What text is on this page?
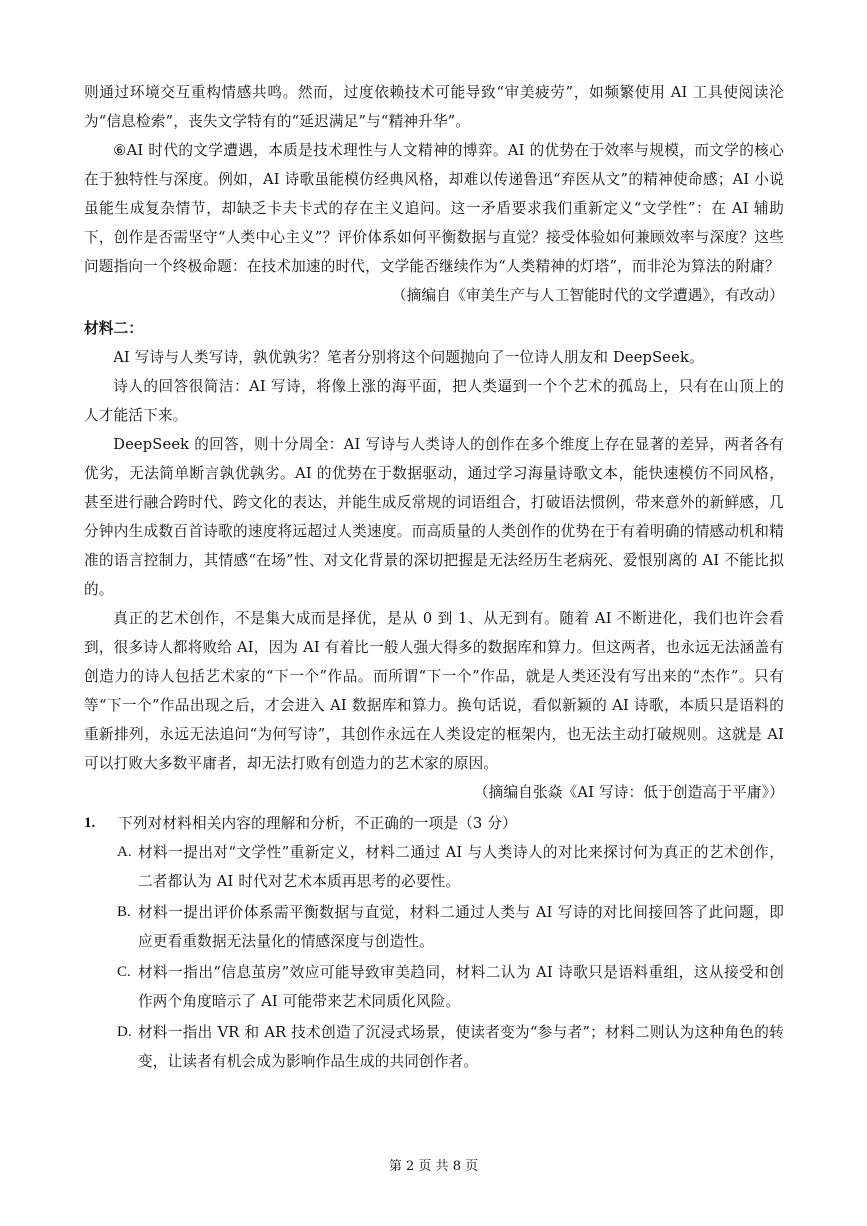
则通过环境交互重构情感共鸣。然而，过度依赖技术可能导致“审美疲劳”，如频繁使用 AI 工具使阅读沦为“信息检索”，丧失文学特有的“延迟满足”与“精神升华”。

⑥AI 时代的文学遭遇，本质是技术理性与人文精神的博弈。AI 的优势在于效率与规模，而文学的核心在于独特性与深度。例如，AI 诗歌虽能模仿经典风格，却难以传递鲁迅“弃医从文”的精神使命感；AI 小说虽能生成复杂情节，却缺乏卡夫卡式的存在主义追问。这一矛盾要求我们重新定义“文学性”：在 AI 辅助下，创作是否需坚守“人类中心主义”？评价体系如何平衡数据与直觉？接受体验如何兼顾效率与深度？这些问题指向一个终极命题：在技术加速的时代，文学能否继续作为“人类精神的灯塔”，而非沦为算法的附庸？

（摘编自《审美生产与人工智能时代的文学遭遇》，有改动）

材料二：

AI 写诗与人类写诗，孰优孰劣？笔者分别将这个问题抛向了一位诗人朋友和 DeepSeek。

诗人的回答很简洁：AI 写诗，将像上涨的海平面，把人类逼到一个个艺术的孤岛上，只有在山顶上的人才能活下来。

DeepSeek 的回答，则十分周全：AI 写诗与人类诗人的创作在多个维度上存在显著的差异，两者各有优劣，无法简单断言孰优孰劣。AI 的优势在于数据驱动，通过学习海量诗歌文本，能快速模仿不同风格，甚至进行融合跨时代、跨文化的表达，并能生成反常规的词语组合，打破语法惯例，带来意外的新鲜感，几分钟内生成数百首诗歌的速度将远超过人类速度。而高质量的人类创作的优势在于有着明确的情感动机和精准的语言控制力，其情感“在场”性、对文化背景的深切把握是无法经历生老病死、爱恨别离的 AI 不能比拟的。

真正的艺术创作，不是集大成而是择优，是从 0 到 1、从无到有。随着 AI 不断进化，我们也许会看到，很多诗人都将败给 AI，因为 AI 有着比一般人强大得多的数据库和算力。但这两者，也永远无法涵盖有创造力的诗人包括艺术家的“下一个”作品。而所谓“下一个”作品，就是人类还没有写出来的“杰作”。只有等“下一个”作品出现之后，才会进入 AI 数据库和算力。换句话说，看似新颖的 AI 诗歌，本质只是语料的重新排列，永远无法追问“为何写诗”，其创作永远在人类设定的框架内，也无法主动打破规则。这就是 AI 可以打败大多数平庸者，却无法打败有创造力的艺术家的原因。

（摘编自张焱《AI 写诗：低于创造高于平庸》）

1.	下列对材料相关内容的理解和分析，不正确的一项是（3 分）

A. 材料一提出对“文学性”重新定义，材料二通过 AI 与人类诗人的对比来探讨何为真正的艺术创作，二者都认为 AI 时代对艺术本质再思考的必要性。

B. 材料一提出评价体系需平衡数据与直觉，材料二通过人类与 AI 写诗的对比间接回答了此问题，即应更看重数据无法量化的情感深度与创造性。

C. 材料一指出“信息茧房”效应可能导致审美趋同，材料二认为 AI 诗歌只是语料重组，这从接受和创作两个角度暗示了 AI 可能带来艺术同质化风险。

D. 材料一指出 VR 和 AR 技术创造了沉浸式场景，使读者变为“参与者”；材料二则认为这种角色的转变，让读者有机会成为影响作品生成的共同创作者。

第 2 页 共 8 页
